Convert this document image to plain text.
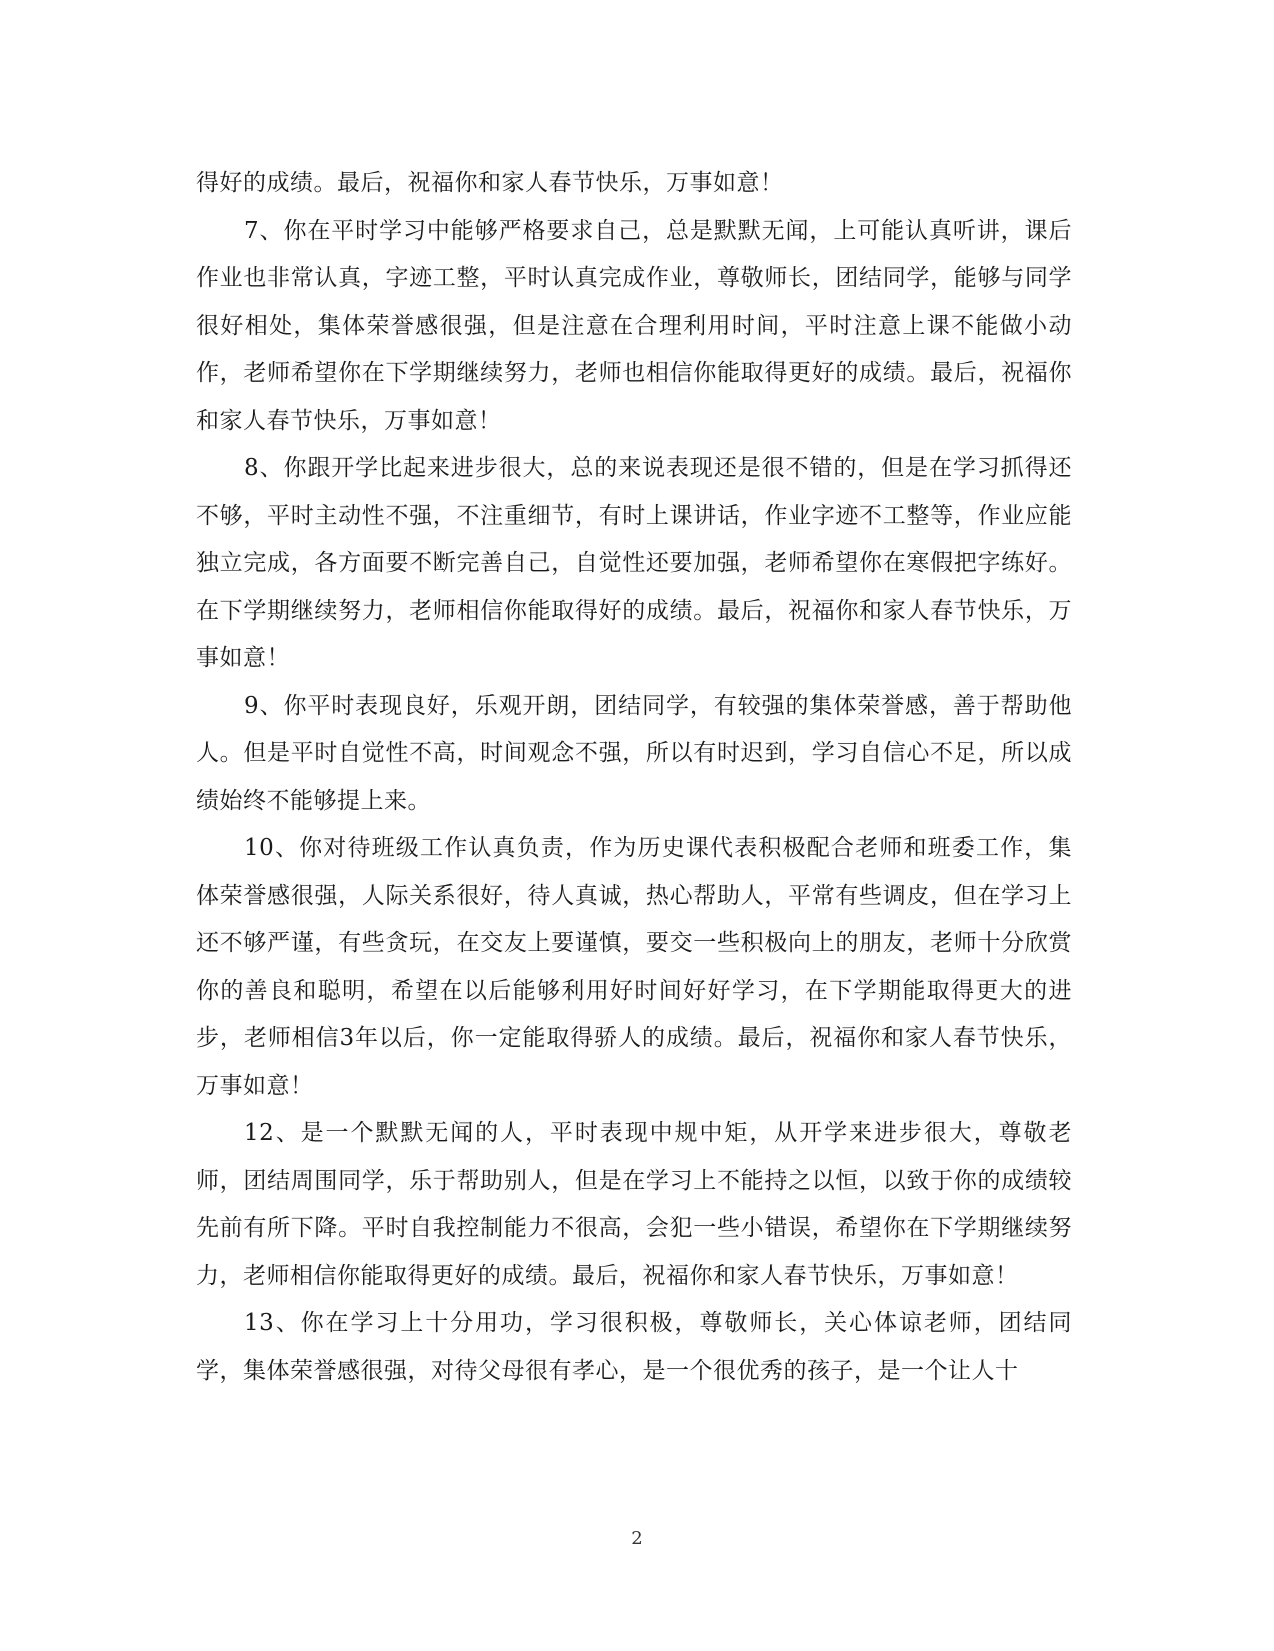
得好的成绩。最后，祝福你和家人春节快乐，万事如意！

7、你在平时学习中能够严格要求自己，总是默默无闻，上可能认真听讲，课后作业也非常认真，字迹工整，平时认真完成作业，尊敬师长，团结同学，能够与同学很好相处，集体荣誉感很强，但是注意在合理利用时间，平时注意上课不能做小动作，老师希望你在下学期继续努力，老师也相信你能取得更好的成绩。最后，祝福你和家人春节快乐，万事如意！

8、你跟开学比起来进步很大，总的来说表现还是很不错的，但是在学习抓得还不够，平时主动性不强，不注重细节，有时上课讲话，作业字迹不工整等，作业应能独立完成，各方面要不断完善自己，自觉性还要加强，老师希望你在寒假把字练好。在下学期继续努力，老师相信你能取得好的成绩。最后，祝福你和家人春节快乐，万事如意！

9、你平时表现良好，乐观开朗，团结同学，有较强的集体荣誉感，善于帮助他人。但是平时自觉性不高，时间观念不强，所以有时迟到，学习自信心不足，所以成绩始终不能够提上来。

10、你对待班级工作认真负责，作为历史课代表积极配合老师和班委工作，集体荣誉感很强，人际关系很好，待人真诚，热心帮助人，平常有些调皮，但在学习上还不够严谨，有些贪玩，在交友上要谨慎，要交一些积极向上的朋友，老师十分欣赏你的善良和聪明，希望在以后能够利用好时间好好学习，在下学期能取得更大的进步，老师相信3年以后，你一定能取得骄人的成绩。最后，祝福你和家人春节快乐，万事如意！

12、是一个默默无闻的人，平时表现中规中矩，从开学来进步很大，尊敬老师，团结周围同学，乐于帮助别人，但是在学习上不能持之以恒，以致于你的成绩较先前有所下降。平时自我控制能力不很高，会犯一些小错误，希望你在下学期继续努力，老师相信你能取得更好的成绩。最后，祝福你和家人春节快乐，万事如意！

13、你在学习上十分用功，学习很积极，尊敬师长，关心体谅老师，团结同学，集体荣誉感很强，对待父母很有孝心，是一个很优秀的孩子，是一个让人十

2
